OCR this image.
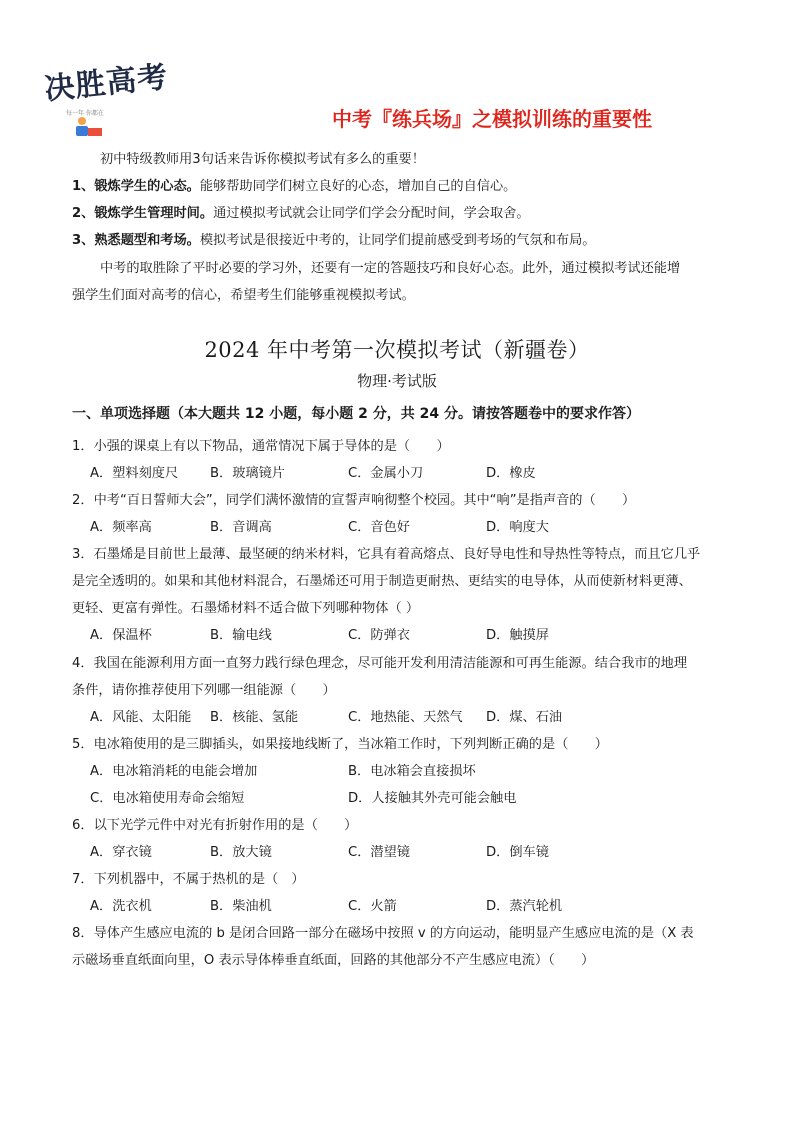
决胜高考
每一年 你都在	中考『练兵场』之模拟训练的重要性
初中特级教师用3句话来告诉你模拟考试有多么的重要！
1、锻炼学生的心态。能够帮助同学们树立良好的心态，增加自己的自信心。
2、锻炼学生管理时间。通过模拟考试就会让同学们学会分配时间，学会取舍。
3、熟悉题型和考场。模拟考试是很接近中考的，让同学们提前感受到考场的气氛和布局。
中考的取胜除了平时必要的学习外，还要有一定的答题技巧和良好心态。此外，通过模拟考试还能增
强学生们面对高考的信心，希望考生们能够重视模拟考试。
2024 年中考第一次模拟考试（新疆卷）
物理·考试版
一、单项选择题（本大题共 12 小题，每小题 2 分，共 24 分。请按答题卷中的要求作答）
1．小强的课桌上有以下物品，通常情况下属于导体的是（　　）
A．塑料刻度尺 B．玻璃镜片	C．金属小刀	D．橡皮
2．中考“百日誓师大会”，同学们满怀激情的宣誓声响彻整个校园。其中“响”是指声音的（　　）
A．频率高	B．音调高	C．音色好	D．响度大
3．石墨烯是目前世上最薄、最坚硬的纳米材料，它具有着高熔点、良好导电性和导热性等特点，而且它几乎
是完全透明的。如果和其他材料混合，石墨烯还可用于制造更耐热、更结实的电导体，从而使新材料更薄、
更轻、更富有弹性。石墨烯材料不适合做下列哪种物体（ ）
A．保温杯	B．输电线	C．防弹衣	D．触摸屏
4．我国在能源利用方面一直努力践行绿色理念，尽可能开发利用清洁能源和可再生能源。结合我市的地理
条件，请你推荐使用下列哪一组能源（　　）
A．风能、太阳能 B．核能、氢能	C．地热能、天然气 D．煤、石油
5．电冰箱使用的是三脚插头，如果接地线断了，当冰箱工作时，下列判断正确的是（　　）
A．电冰箱消耗的电能会增加	B．电冰箱会直接损坏
C．电冰箱使用寿命会缩短	D．人接触其外壳可能会触电
6．以下光学元件中对光有折射作用的是（　　）
A．穿衣镜	B．放大镜	C．潜望镜	D．倒车镜
7．下列机器中，不属于热机的是（　）
A．洗衣机	B．柴油机	C．火箭	D．蒸汽轮机
8．导体产生感应电流的 b 是闭合回路一部分在磁场中按照 v 的方向运动，能明显产生感应电流的是（X 表
示磁场垂直纸面向里，O 表示导体棒垂直纸面，回路的其他部分不产生感应电流）（　　）
